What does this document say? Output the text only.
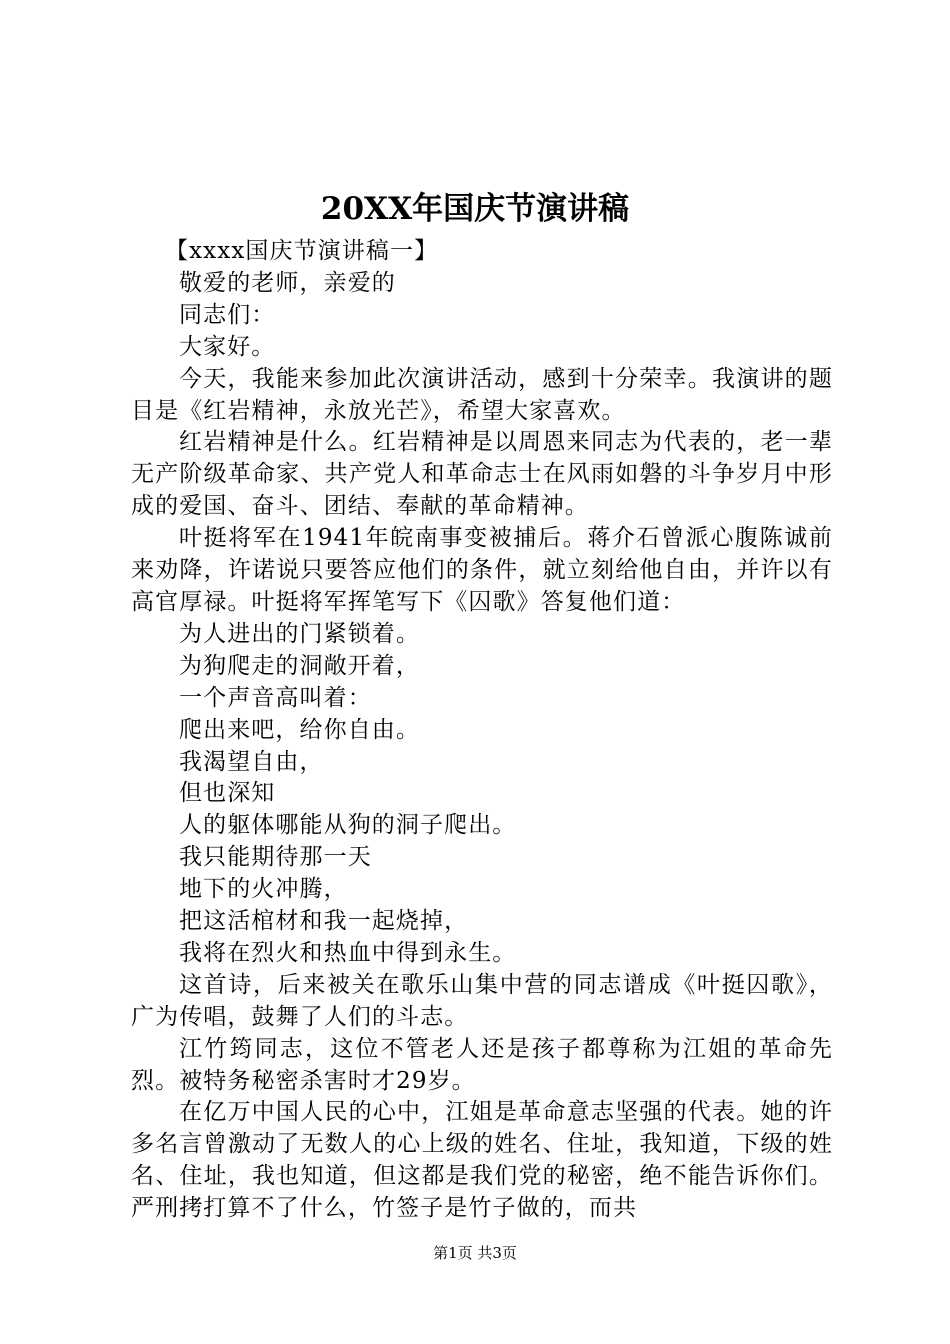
20XX年国庆节演讲稿

【xxxx国庆节演讲稿一】

敬爱的老师，亲爱的

同志们：

大家好。

今天，我能来参加此次演讲活动，感到十分荣幸。我演讲的题目是《红岩精神，永放光芒》，希望大家喜欢。

红岩精神是什么。红岩精神是以周恩来同志为代表的，老一辈无产阶级革命家、共产党人和革命志士在风雨如磐的斗争岁月中形成的爱国、奋斗、团结、奉献的革命精神。

叶挺将军在1941年皖南事变被捕后。蒋介石曾派心腹陈诚前来劝降，许诺说只要答应他们的条件，就立刻给他自由，并许以有高官厚禄。叶挺将军挥笔写下《囚歌》答复他们道：

为人进出的门紧锁着。

为狗爬走的洞敞开着，

一个声音高叫着：

爬出来吧，给你自由。

我渴望自由，

但也深知

人的躯体哪能从狗的洞子爬出。

我只能期待那一天

地下的火冲腾，

把这活棺材和我一起烧掉，

我将在烈火和热血中得到永生。

这首诗，后来被关在歌乐山集中营的同志谱成《叶挺囚歌》，广为传唱，鼓舞了人们的斗志。

江竹筠同志，这位不管老人还是孩子都尊称为江姐的革命先烈。被特务秘密杀害时才29岁。

在亿万中国人民的心中，江姐是革命意志坚强的代表。她的许多名言曾激动了无数人的心上级的姓名、住址，我知道，下级的姓名、住址，我也知道，但这都是我们党的秘密，绝不能告诉你们。严刑拷打算不了什么，竹签子是竹子做的，而共

第1页 共3页
